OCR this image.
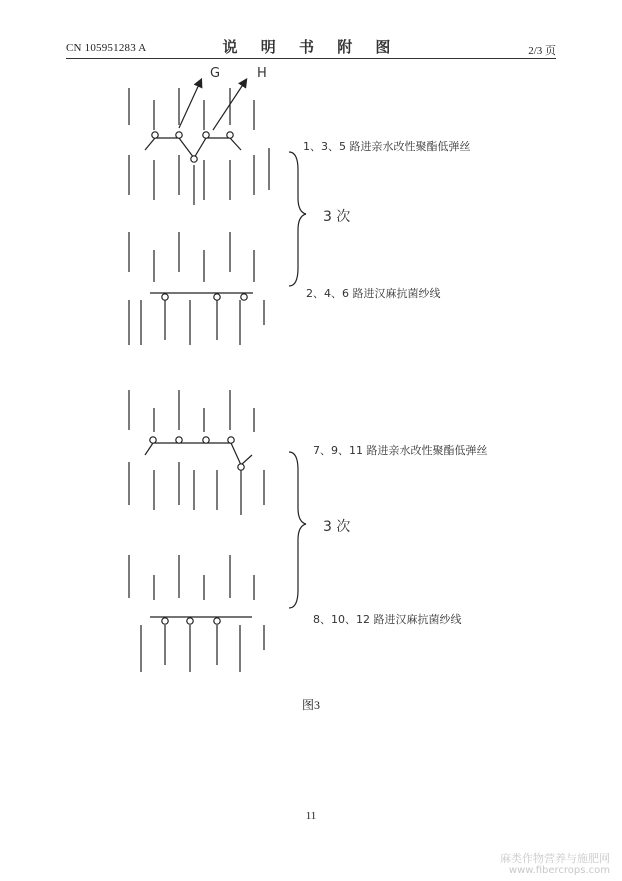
CN 105951283 A	说 明 书 附 图	2/3 页
G	H
1、3、5 路进亲水改性聚酯低弹丝
3 次
2、4、6 路进汉麻抗菌纱线
7、9、11 路进亲水改性聚酯低弹丝
3 次
8、10、12 路进汉麻抗菌纱线
图3
11
麻类作物营养与施肥网
www.fibercrops.com
